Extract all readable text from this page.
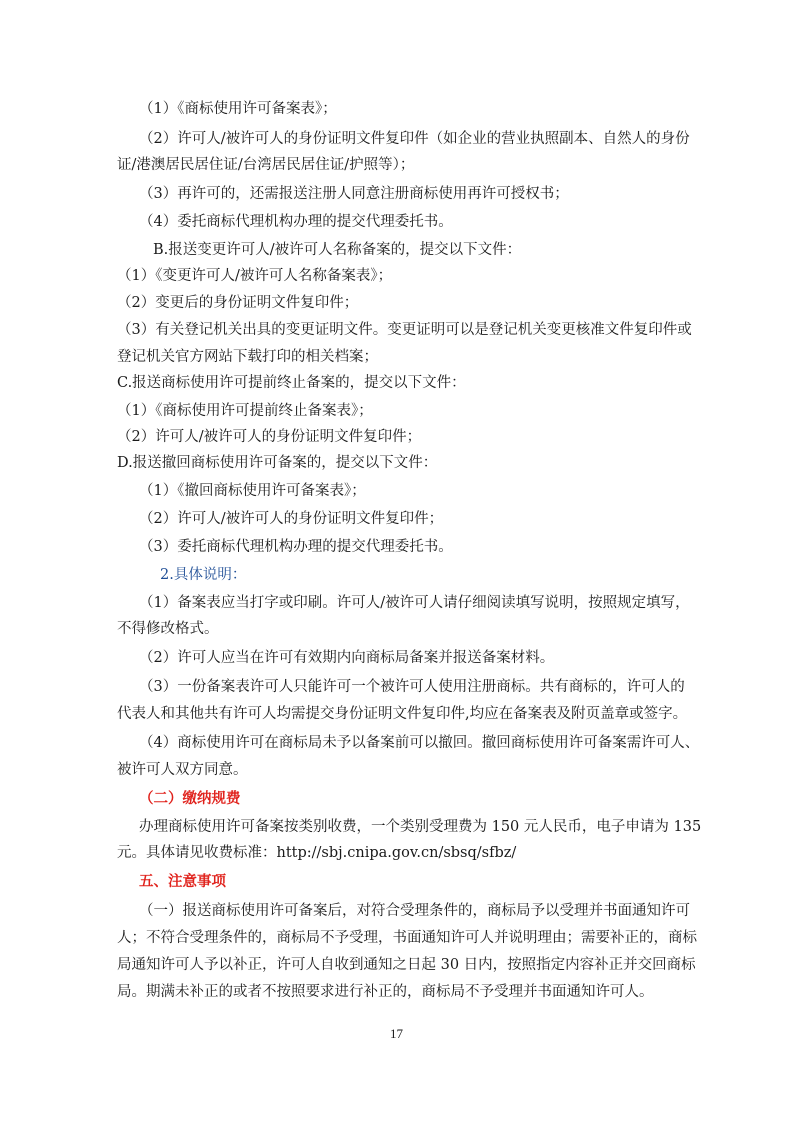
（1）《商标使用许可备案表》；
（2）许可人/被许可人的身份证明文件复印件（如企业的营业执照副本、自然人的身份
证/港澳居民居住证/台湾居民居住证/护照等）；
（3）再许可的，还需报送注册人同意注册商标使用再许可授权书；
（4）委托商标代理机构办理的提交代理委托书。
B.报送变更许可人/被许可人名称备案的，提交以下文件：
（1）《变更许可人/被许可人名称备案表》；
（2）变更后的身份证明文件复印件；
（3）有关登记机关出具的变更证明文件。变更证明可以是登记机关变更核准文件复印件或
登记机关官方网站下载打印的相关档案；
C.报送商标使用许可提前终止备案的，提交以下文件：
（1）《商标使用许可提前终止备案表》；
（2）许可人/被许可人的身份证明文件复印件；
D.报送撤回商标使用许可备案的，提交以下文件：
（1）《撤回商标使用许可备案表》；
（2）许可人/被许可人的身份证明文件复印件；
（3）委托商标代理机构办理的提交代理委托书。
2.具体说明：
（1）备案表应当打字或印刷。许可人/被许可人请仔细阅读填写说明，按照规定填写，
不得修改格式。
（2）许可人应当在许可有效期内向商标局备案并报送备案材料。
（3）一份备案表许可人只能许可一个被许可人使用注册商标。共有商标的，许可人的
代表人和其他共有许可人均需提交身份证明文件复印件,均应在备案表及附页盖章或签字。
（4）商标使用许可在商标局未予以备案前可以撤回。撤回商标使用许可备案需许可人、
被许可人双方同意。
（二）缴纳规费
办理商标使用许可备案按类别收费，一个类别受理费为 150 元人民币，电子申请为 135
元。具体请见收费标准：http://sbj.cnipa.gov.cn/sbsq/sfbz/
五、注意事项
（一）报送商标使用许可备案后，对符合受理条件的，商标局予以受理并书面通知许可
人；不符合受理条件的，商标局不予受理，书面通知许可人并说明理由；需要补正的，商标
局通知许可人予以补正，许可人自收到通知之日起 30 日内，按照指定内容补正并交回商标
局。期满未补正的或者不按照要求进行补正的，商标局不予受理并书面通知许可人。
17
